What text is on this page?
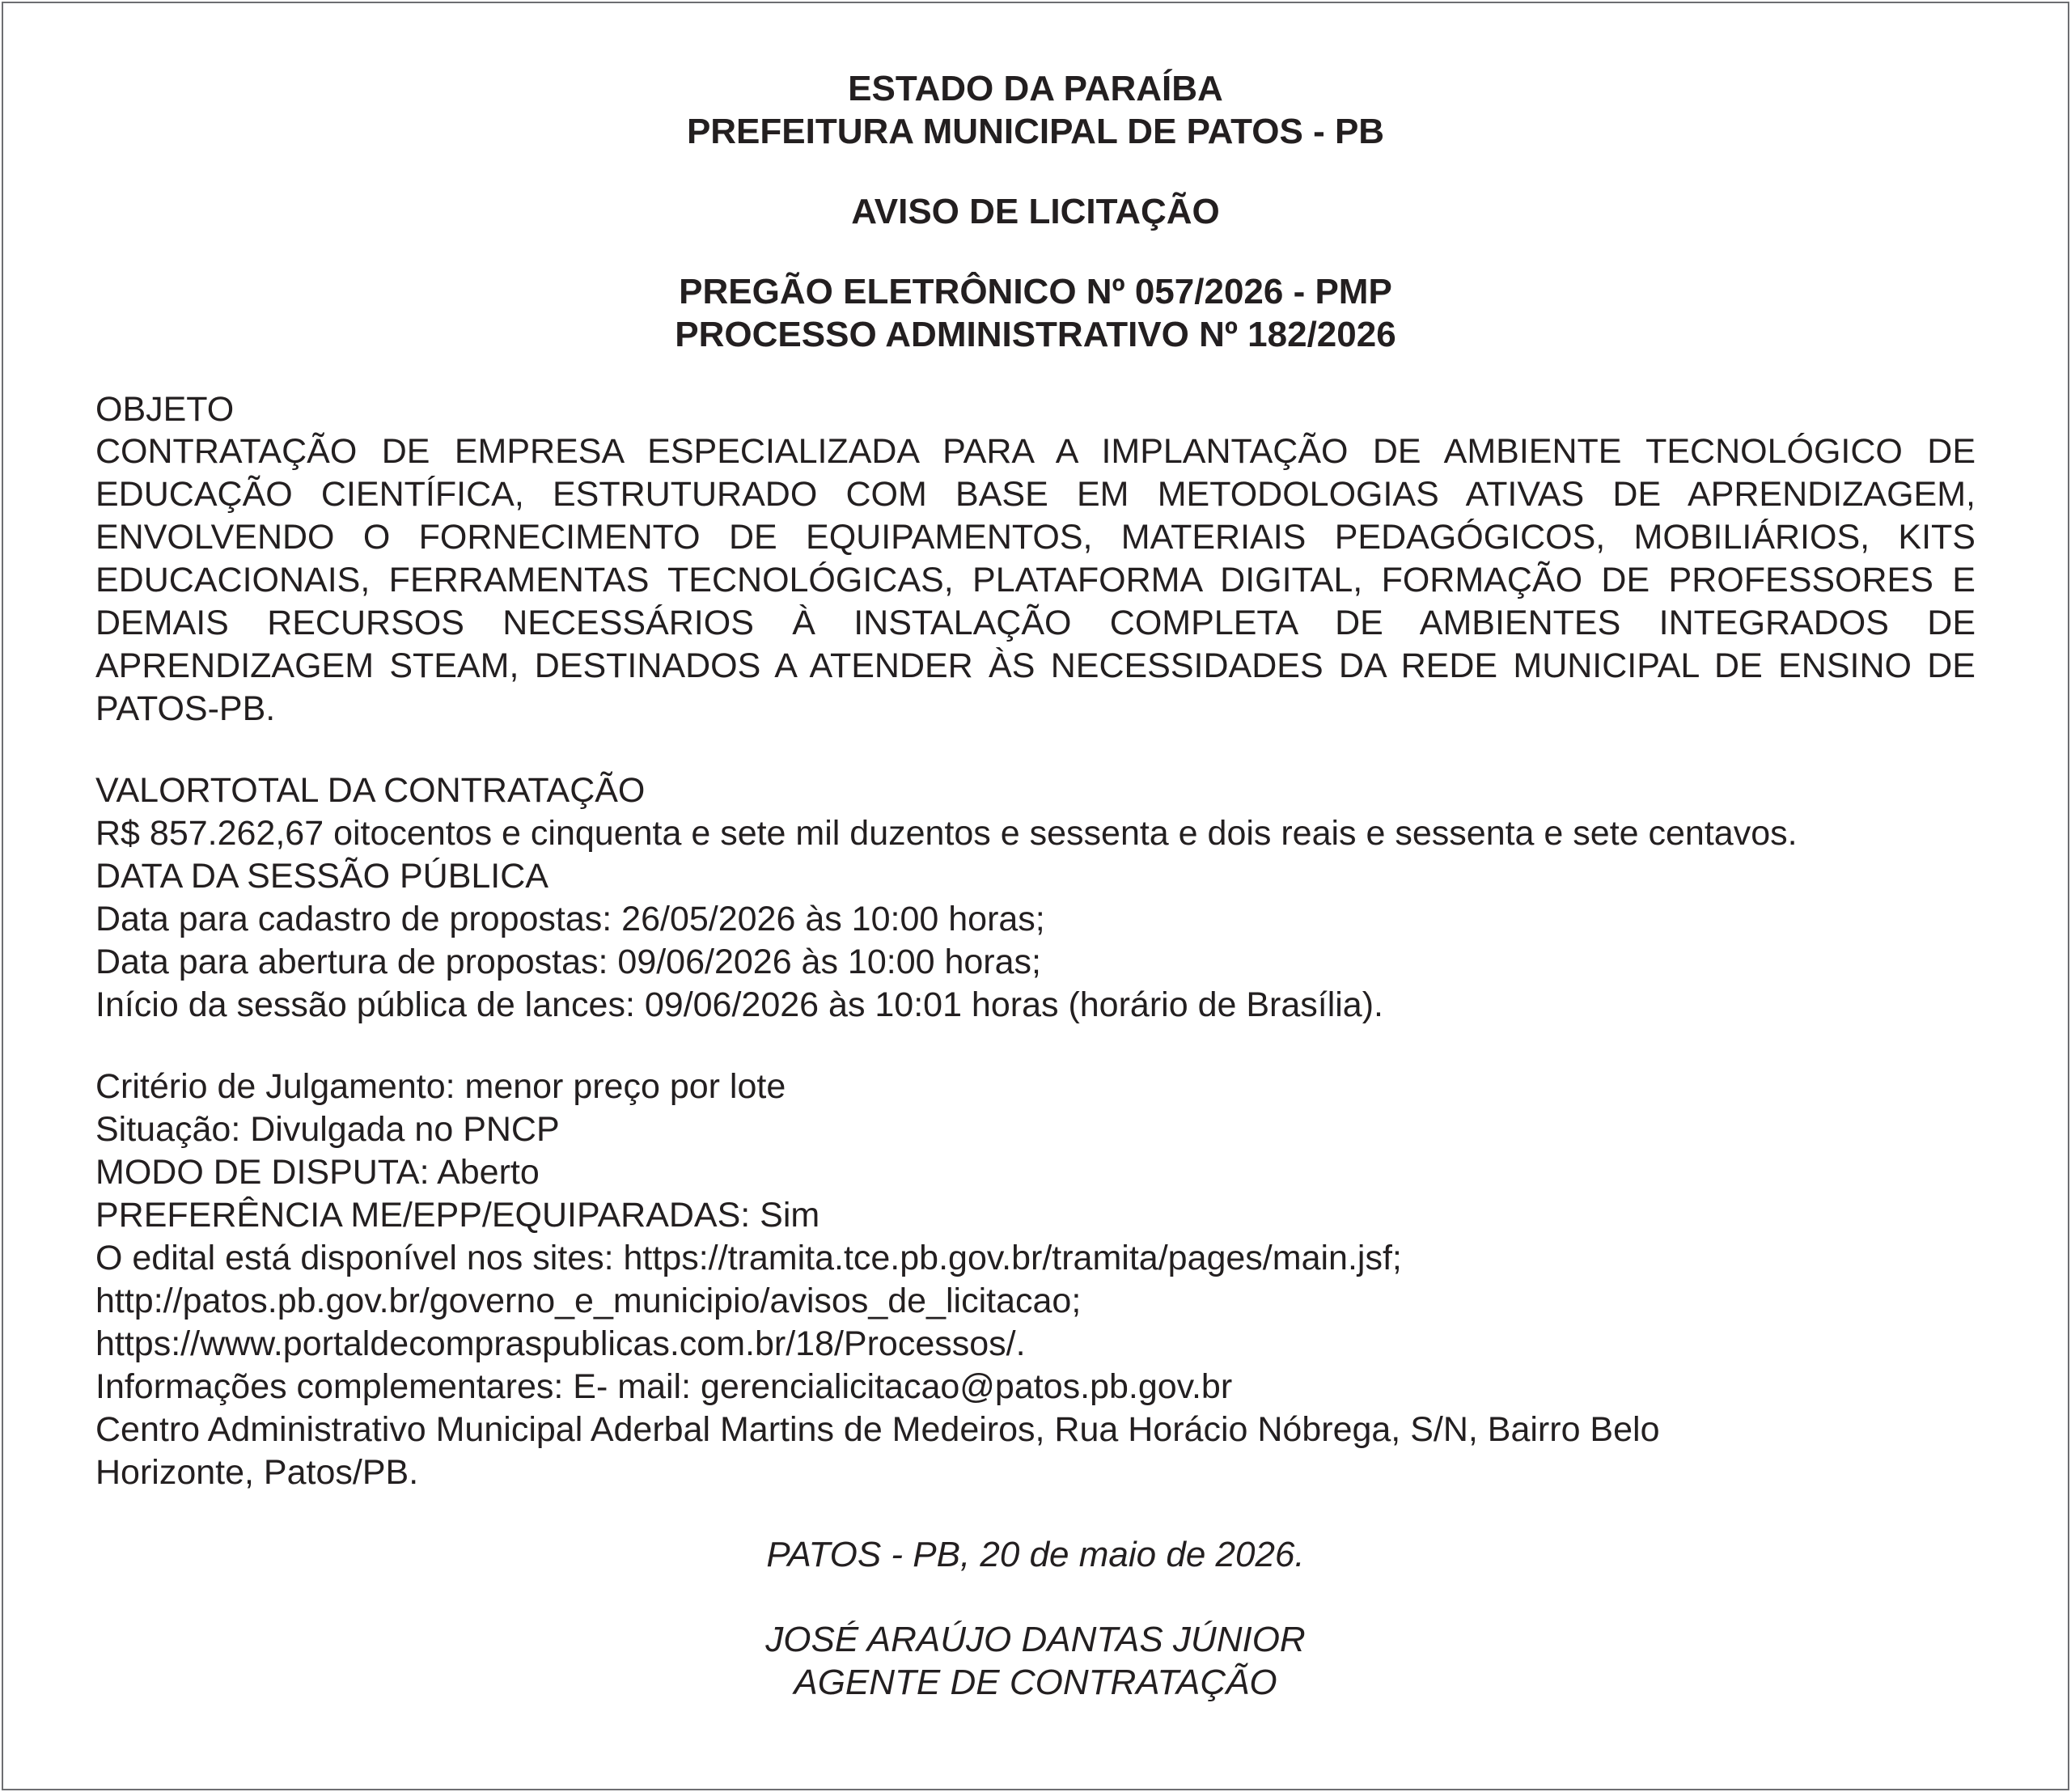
ESTADO DA PARAÍBA

PREFEITURA MUNICIPAL DE PATOS - PB

AVISO DE LICITAÇÃO

PREGÃO ELETRÔNICO Nº 057/2026 - PMP

PROCESSO ADMINISTRATIVO Nº 182/2026

OBJETO

CONTRATAÇÃO DE EMPRESA ESPECIALIZADA PARA A IMPLANTAÇÃO DE AMBIENTE TECNOLÓGICO DE EDUCAÇÃO CIENTÍFICA, ESTRUTURADO COM BASE EM METODOLOGIAS ATIVAS DE APRENDIZAGEM, ENVOLVENDO O FORNECIMENTO DE EQUIPAMENTOS, MATERIAIS PEDAGÓGICOS, MOBILIÁRIOS, KITS EDUCACIONAIS, FERRAMENTAS TECNOLÓGICAS, PLATAFORMA DIGITAL, FORMAÇÃO DE PROFESSORES E DEMAIS RECURSOS NECESSÁRIOS À INSTALAÇÃO COMPLETA DE AMBIENTES INTEGRADOS DE APRENDIZAGEM STEAM, DESTINADOS A ATENDER ÀS NECESSIDADES DA REDE MUNICIPAL DE ENSINO DE PATOS-PB.

VALORTOTAL DA CONTRATAÇÃO

R$ 857.262,67 oitocentos e cinquenta e sete mil duzentos e sessenta e dois reais e sessenta e sete centavos.

DATA DA SESSÃO PÚBLICA

Data para cadastro de propostas: 26/05/2026 às 10:00 horas;

Data para abertura de propostas: 09/06/2026 às 10:00 horas;

Início da sessão pública de lances: 09/06/2026 às 10:01 horas (horário de Brasília).

Critério de Julgamento: menor preço por lote

Situação: Divulgada no PNCP

MODO DE DISPUTA: Aberto

PREFERÊNCIA ME/EPP/EQUIPARADAS: Sim

O edital está disponível nos sites: https://tramita.tce.pb.gov.br/tramita/pages/main.jsf;

http://patos.pb.gov.br/governo_e_municipio/avisos_de_licitacao;

https://www.portaldecompraspublicas.com.br/18/Processos/.

Informações complementares: E- mail: gerencialicitacao@patos.pb.gov.br

Centro Administrativo Municipal Aderbal Martins de Medeiros, Rua Horácio Nóbrega, S/N, Bairro Belo

Horizonte, Patos/PB.

PATOS - PB, 20 de maio de 2026.

JOSÉ ARAÚJO DANTAS JÚNIOR

AGENTE DE CONTRATAÇÃO
